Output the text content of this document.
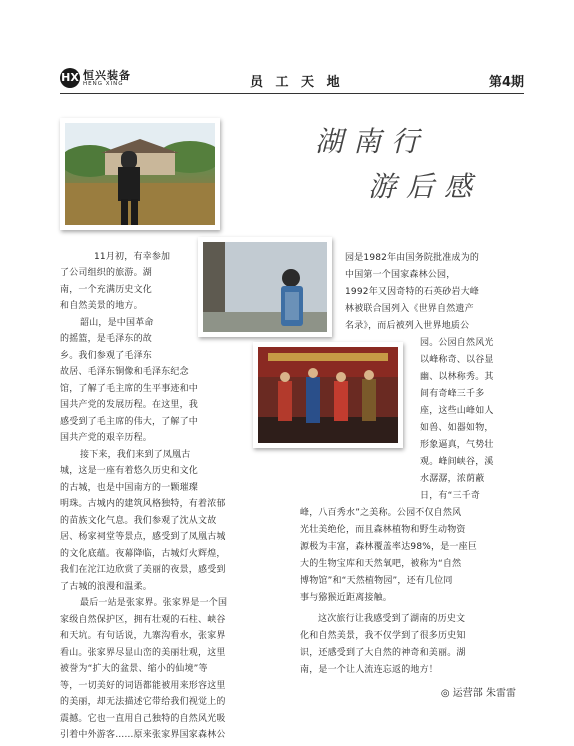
HX 恒兴装备
HENG XING	员 工 天 地	第4期
湖南行
游后感
11月初，有幸参加
了公司组织的旅游。湖
南，一个充满历史文化
和自然美景的地方。
韶山，是中国革命
的摇篮，是毛泽东的故
乡。我们参观了毛泽东
故居、毛泽东铜像和毛泽东纪念
馆，了解了毛主席的生平事迹和中
国共产党的发展历程。在这里，我
感受到了毛主席的伟大，了解了中
国共产党的艰辛历程。
接下来，我们来到了凤凰古
城，这是一座有着悠久历史和文化
的古城，也是中国南方的一颗璀璨
明珠。古城内的建筑风格独特，有着浓郁
的苗族文化气息。我们参观了沈从文故
居、杨家祠堂等景点，感受到了凤凰古城
的文化底蕴。夜幕降临，古城灯火辉煌，
我们在沱江边欣赏了美丽的夜景，感受到
了古城的浪漫和温柔。
最后一站是张家界。张家界是一个国
家级自然保护区，拥有壮观的石柱、峡谷
和天坑。有句话说，九寨沟看水，张家界
看山。张家界尽显山峦的美丽壮观，这里
被誉为“扩大的盆景、缩小的仙境”等
等，一切美好的词语都能被用来形容这里
的美丽，却无法描述它带给我们视觉上的
震撼。它也一直用自己独特的自然风光吸
引着中外游客……原来张家界国家森林公
园是1982年由国务院批准成为的
中国第一个国家森林公园，
1992年又因奇特的石英砂岩大峰
林被联合国列入《世界自然遗产
名录》，而后被列入世界地质公
园。公园自然风光
以峰称奇、以谷显
幽、以林称秀。其
间有奇峰三千多
座，这些山峰如人
如兽、如器如物，
形象逼真，气势壮
观。峰间峡谷，溪
水潺潺，浓荫蔽
日，有“三千奇
峰，八百秀水”之美称。公园不仅自然风
光壮美绝伦，而且森林植物和野生动物资
源极为丰富，森林覆盖率达98%，是一座巨
大的生物宝库和天然氧吧，被称为“自然
博物馆”和“天然植物园”，还有几位同
事与猕猴近距离接触。
这次旅行让我感受到了湖南的历史文
化和自然美景，我不仅学到了很多历史知
识，还感受到了大自然的神奇和美丽。湖
南，是一个让人流连忘返的地方！
◎ 运营部 朱雷雷
